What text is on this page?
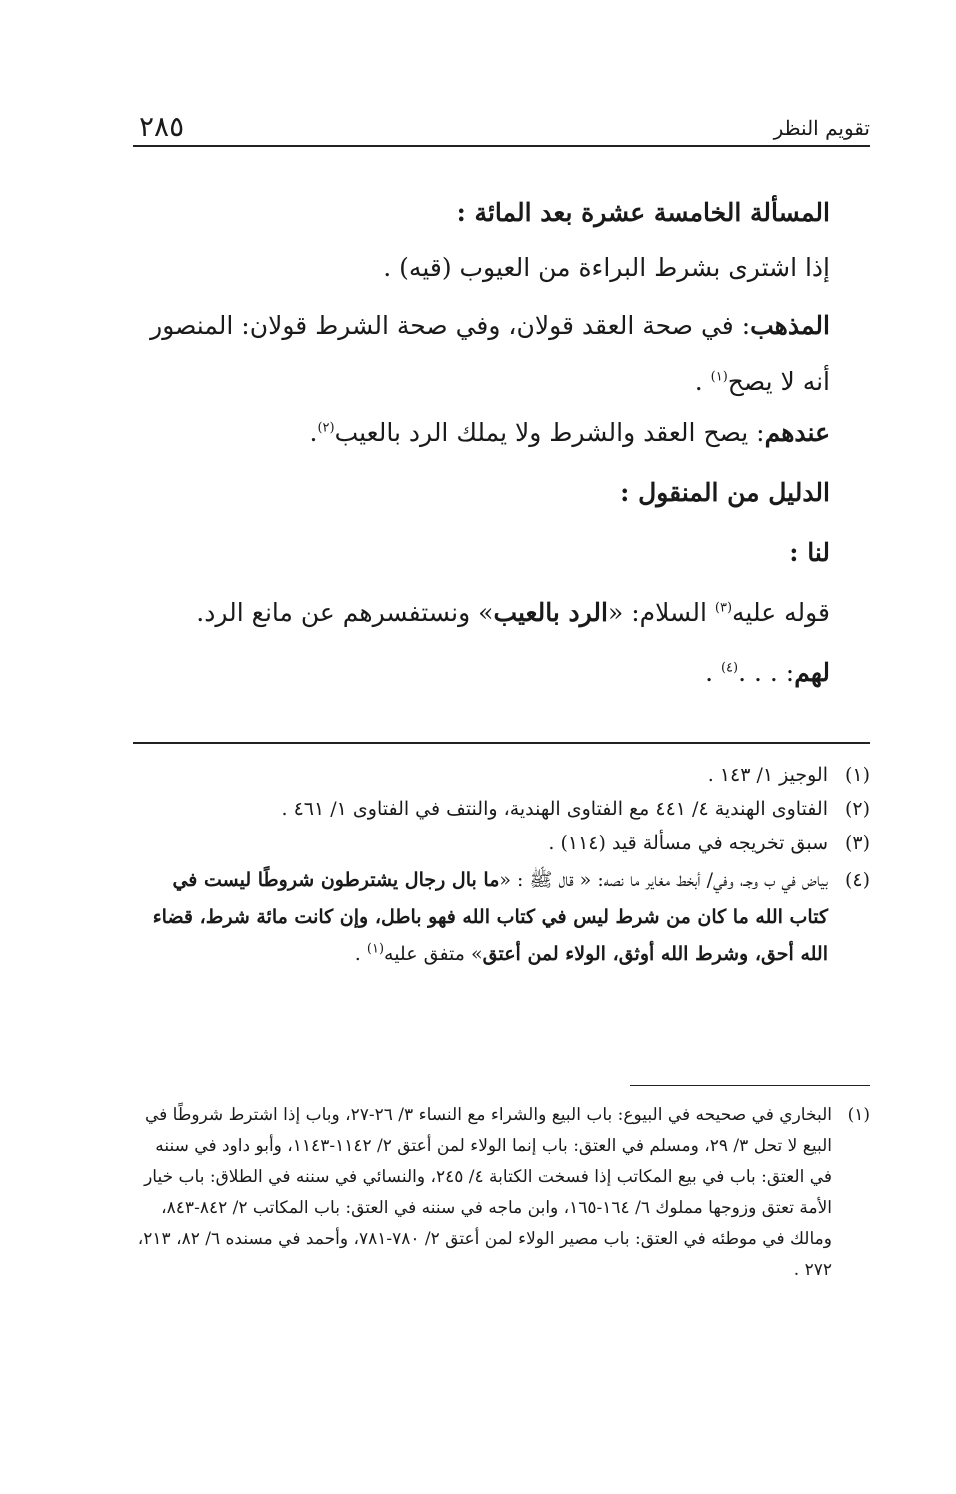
تقويم النظر
٢٨٥

المسألة الخامسة عشرة بعد المائة :

إذا اشترى بشرط البراءة من العيوب (قيه) .

المذهب: في صحة العقد قولان، وفي صحة الشرط قولان: المنصور أنه لا يصح$^{(١)}$ .

عندهم: يصح العقد والشرط ولا يملك الرد بالعيب$^{(٢)}$.

الدليل من المنقول :

لنا :

قوله عليه$^{(٣)}$ السلام: «الرد بالعيب» ونستفسرهم عن مانع الرد.

لهم: . . .$^{(٤)}$ .

(١)
الوجيز ١/ ١٤٣ .

(٢)
الفتاوى الهندية ٤/ ٤٤١ مع الفتاوى الهندية، والنتف في الفتاوى ١/ ٤٦١ .

(٣)
سبق تخريجه في مسألة قيد (١١٤) .

(٤)
بياض في ب وجـ، وفي/ أبخط مغاير ما نصه: « قال ﷺ : «ما بال رجال يشترطون شروطًا ليست في كتاب الله ما كان من شرط ليس في كتاب الله فهو باطل، وإن كانت مائة شرط، قضاء الله أحق، وشرط الله أوثق، الولاء لمن أعتق» متفق عليه$^{(١)}$ .

(١)
البخاري في صحيحه في البيوع: باب البيع والشراء مع النساء ٣/ ٢٦-٢٧، وباب إذا اشترط شروطًا في البيع لا تحل ٣/ ٢٩، ومسلم في العتق: باب إنما الولاء لمن أعتق ٢/ ١١٤٢-١١٤٣، وأبو داود في سننه في العتق: باب في بيع المكاتب إذا فسخت الكتابة ٤/ ٢٤٥، والنسائي في سننه في الطلاق: باب خيار الأمة تعتق وزوجها مملوك ٦/ ١٦٤-١٦٥، وابن ماجه في سننه في العتق: باب المكاتب ٢/ ٨٤٢-٨٤٣، ومالك في موطئه في العتق: باب مصير الولاء لمن أعتق ٢/ ٧٨٠-٧٨١، وأحمد في مسنده ٦/ ٨٢، ٢١٣، ٢٧٢ .
